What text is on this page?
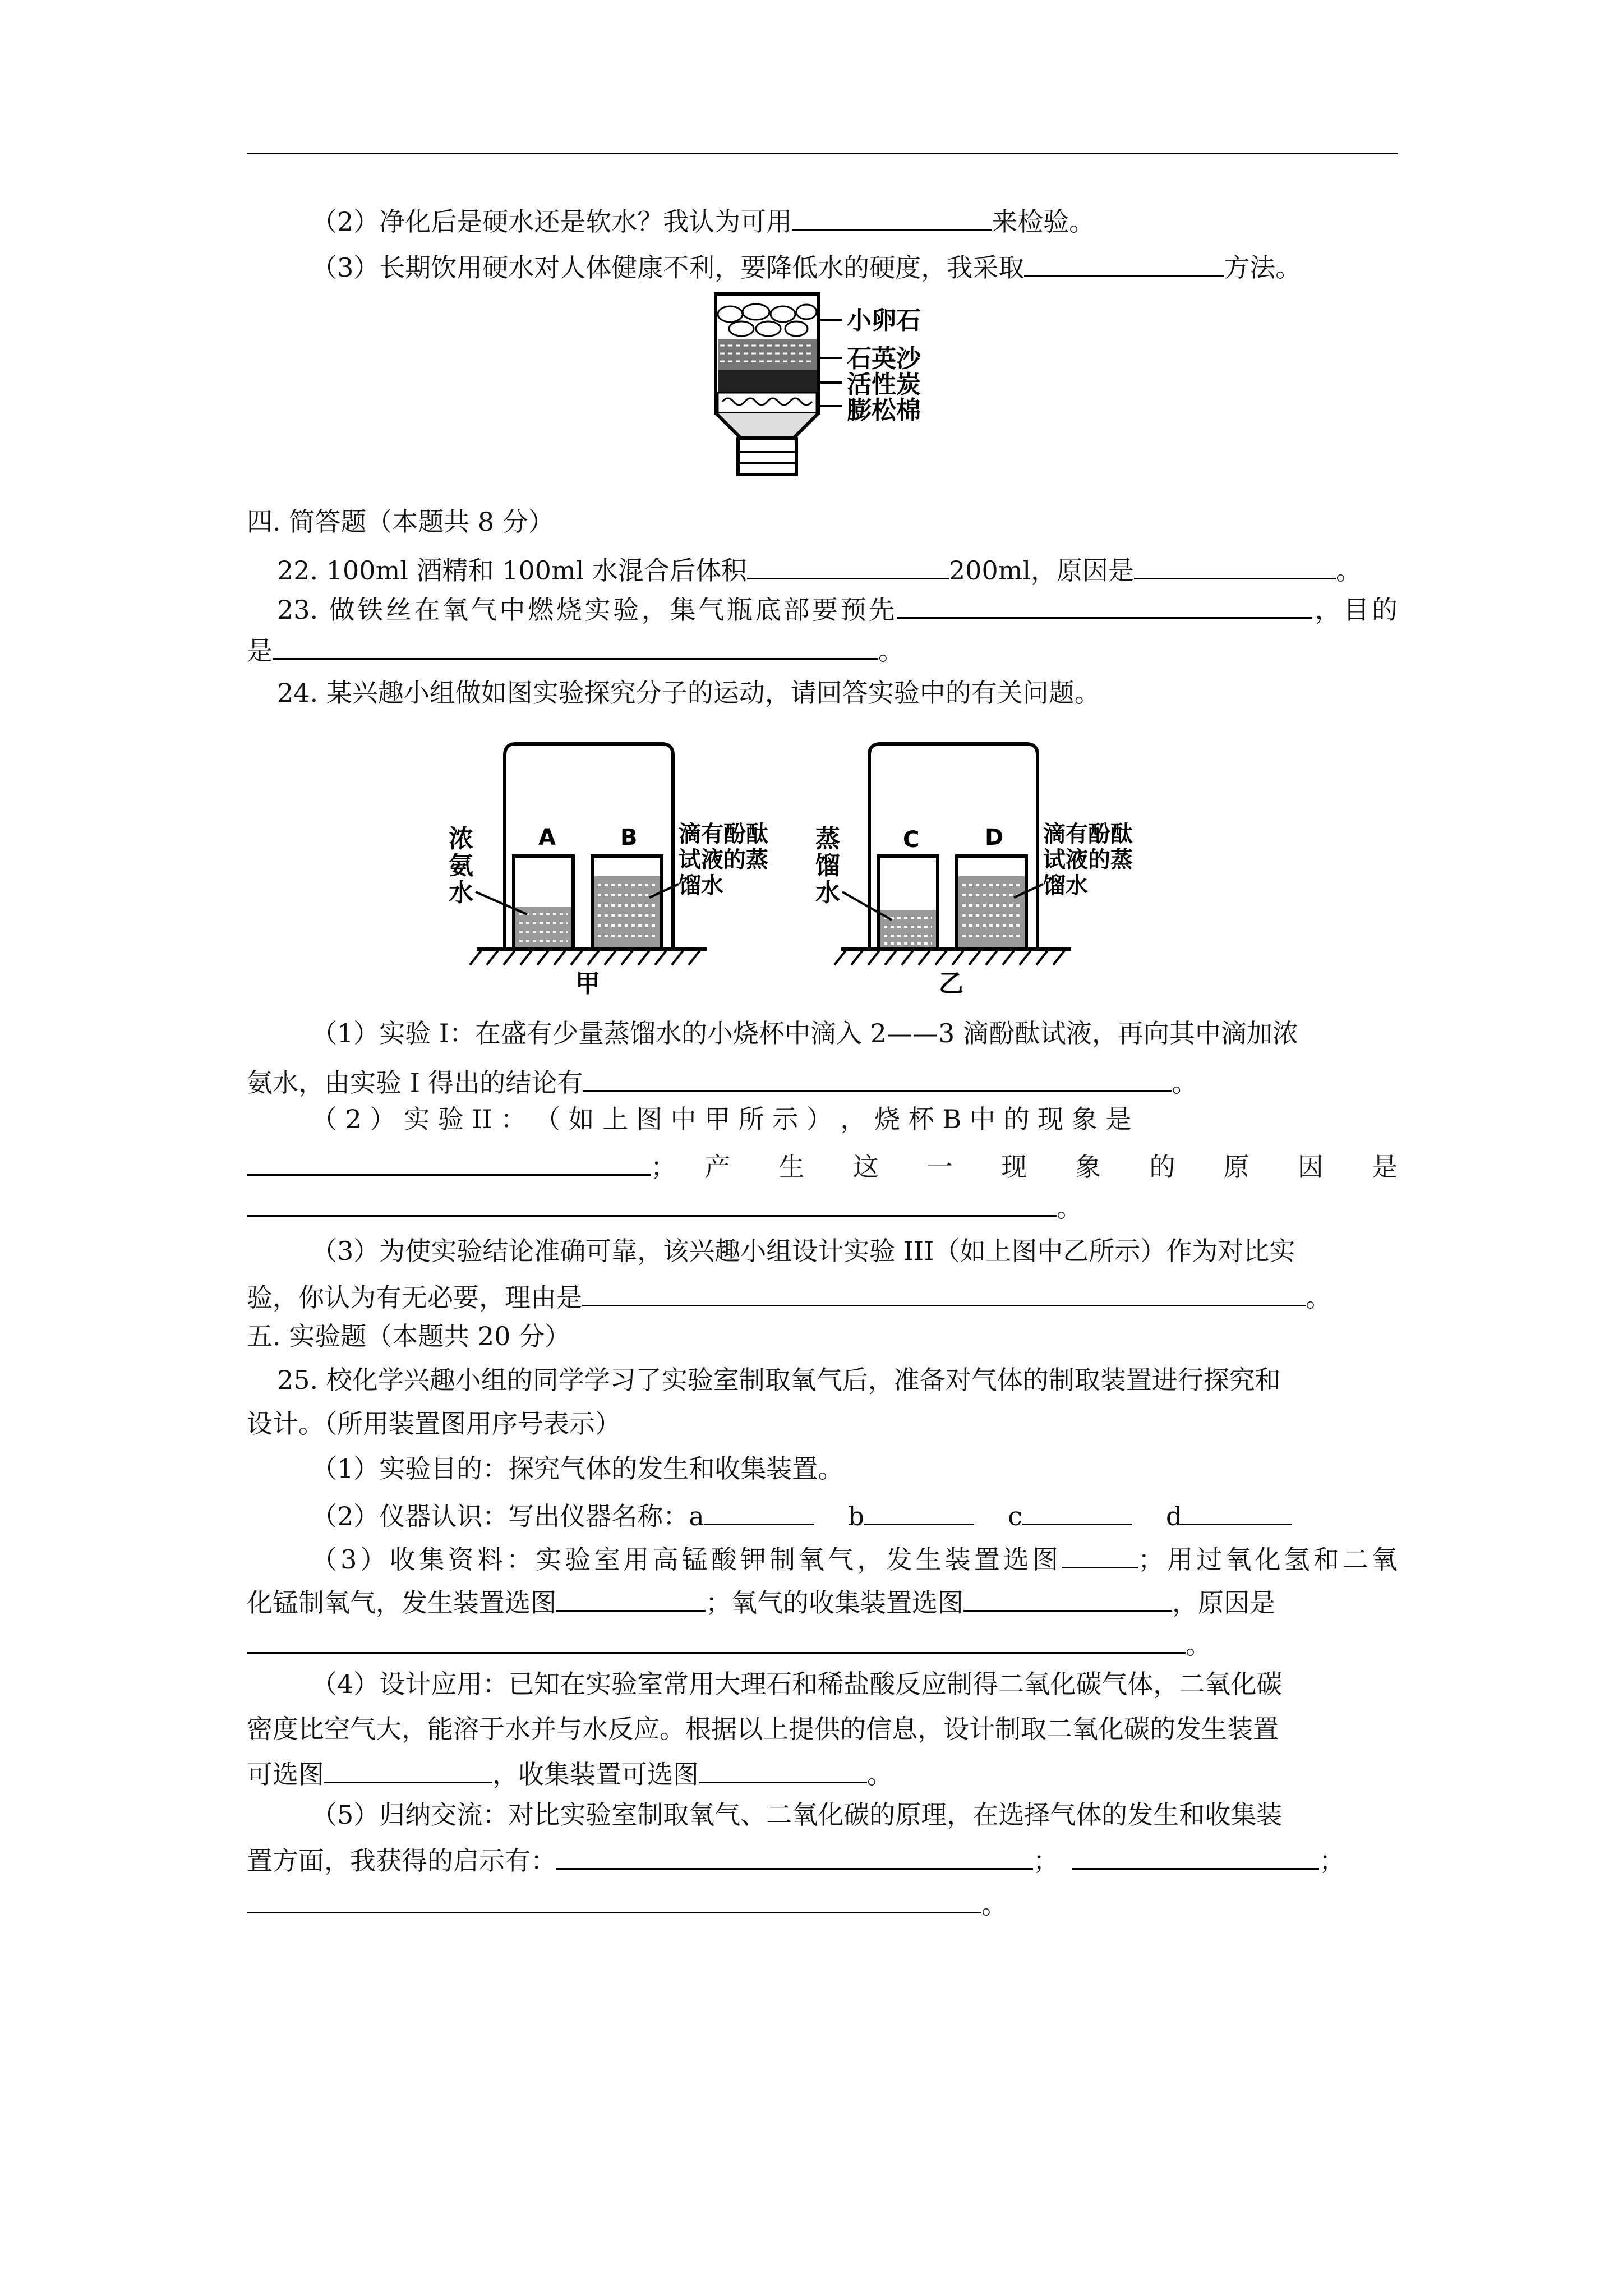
（2）净化后是硬水还是软水？我认为可用	来检验。
（3）长期饮用硬水对人体健康不利，要降低水的硬度，我采取	方法。
小卵石
石英沙
活性炭
膨松棉
四. 简答题（本题共 8 分）
22. 100ml 酒精和 100ml 水混合后体积	200ml，原因是	。
23. 做铁丝在氧气中燃烧实验，集气瓶底部要预先	，目的
是	。
24. 某兴趣小组做如图实验探究分子的运动，请回答实验中的有关问题。
A	B
浓
氨
水
滴有酚酞
试液的蒸
馏水
甲
C	D
蒸
馏
水
滴有酚酞
试液的蒸
馏水
乙
（1）实验 I：在盛有少量蒸馏水的小烧杯中滴入 2——3 滴酚酞试液，再向其中滴加浓
氨水，由实验 I 得出的结论有	。
（ 2 ） 实 验 II ： （ 如 上 图 中 甲 所 示 ） ， 烧 杯 B 中 的 现 象 是
； 产 生 这 一 现 象 的 原 因 是
。
（3）为使实验结论准确可靠，该兴趣小组设计实验 III（如上图中乙所示）作为对比实
验，你认为有无必要，理由是	。
五. 实验题（本题共 20 分）
25. 校化学兴趣小组的同学学习了实验室制取氧气后，准备对气体的制取装置进行探究和
设计。（所用装置图用序号表示）
（1）实验目的：探究气体的发生和收集装置。
（2）仪器认识：写出仪器名称：a	b	c	d
（3）收集资料：实验室用高锰酸钾制氧气，发生装置选图	；用过氧化氢和二氧
化锰制氧气，发生装置选图	；氧气的收集装置选图	，原因是
。
（4）设计应用：已知在实验室常用大理石和稀盐酸反应制得二氧化碳气体，二氧化碳
密度比空气大，能溶于水并与水反应。根据以上提供的信息，设计制取二氧化碳的发生装置
可选图	，收集装置可选图	。
（5）归纳交流：对比实验室制取氧气、二氧化碳的原理，在选择气体的发生和收集装
置方面，我获得的启示有：	；	；
。
